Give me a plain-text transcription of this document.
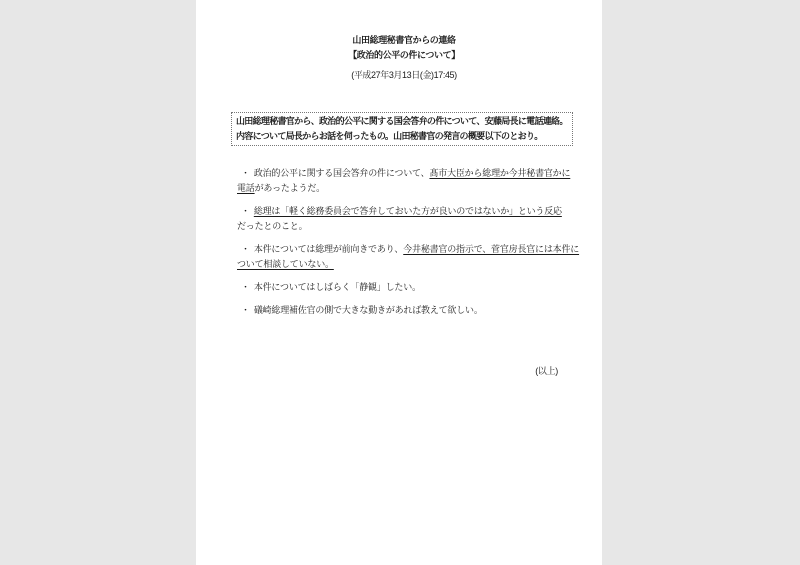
山田総理秘書官からの連絡
【政治的公平の件について】
(平成27年3月13日(金)17:45)
山田総理秘書官から、政治的公平に関する国会答弁の件について、安藤局長に電話連絡。
内容について局長からお話を伺ったもの。山田秘書官の発言の概要以下のとおり。
・ 政治的公平に関する国会答弁の件について、髙市大臣から総理か今井秘書官かに
電話があったようだ。
・ 総理は「軽く総務委員会で答弁しておいた方が良いのではないか」という反応
だったとのこと。
・ 本件については総理が前向きであり、今井秘書官の指示で、菅官房長官には本件に
ついて相談していない。
・ 本件についてはしばらく「静観」したい。
・ 礒崎総理補佐官の側で大きな動きがあれば教えて欲しい。
(以上)
